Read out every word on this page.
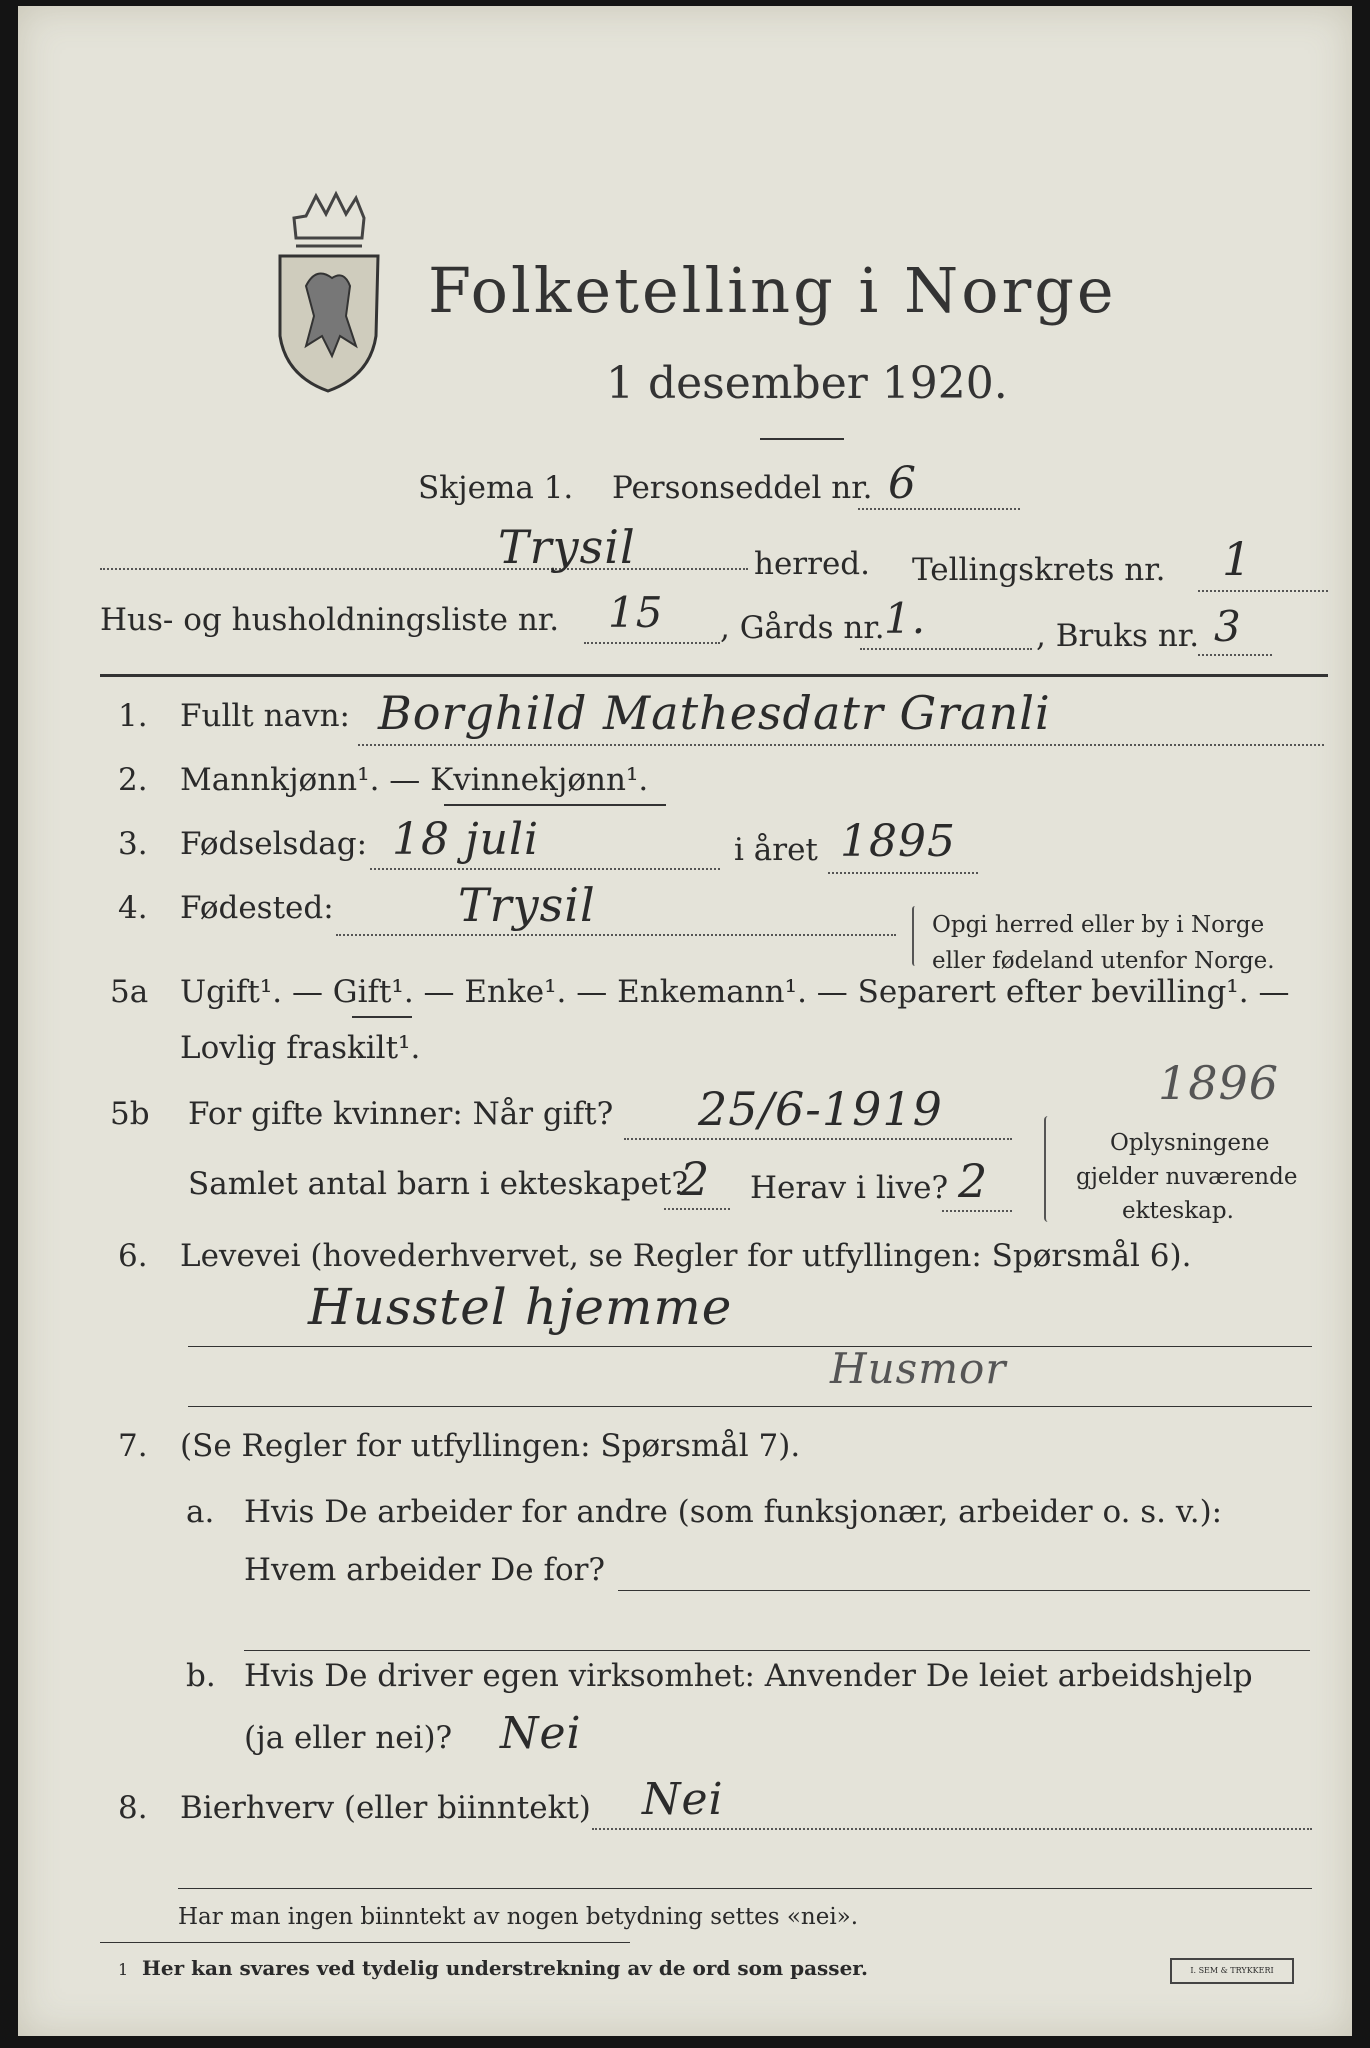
Folketelling i Norge
1 desember 1920.
Skjema 1. Personseddel nr. 6
Trysil	herred. Tellingskrets nr. 1
Hus- og husholdningsliste nr. 15 , Gårds nr. 1.	, Bruks nr. 3
1. Fullt navn: Borghild Mathesdatr Granli
2. Mannkjønn¹. — Kvinnekjønn¹.
3. Fødselsdag: 18 juli	i året 1895
4. Fødested:	Trysil	Opgi herred eller by i Norge
eller fødeland utenfor Norge.
5a Ugift¹. — Gift¹. — Enke¹. — Enkemann¹. — Separert efter bevilling¹. —
Lovlig fraskilt¹.
5b For gifte kvinner: Når gift? 25/6-1919	1896
Samlet antal barn i ekteskapet?
2 Herav i live? 2
Oplysningene
gjelder nuværende
ekteskap.
6. Levevei (hovederhvervet, se Regler for utfyllingen: Spørsmål 6).
Husstel hjemme
Husmor
7. (Se Regler for utfyllingen: Spørsmål 7).
a. Hvis De arbeider for andre (som funksjonær, arbeider o. s. v.):
Hvem arbeider De for?
b. Hvis De driver egen virksomhet: Anvender De leiet arbeidshjelp
(ja eller nei)? Nei
8. Bierhverv (eller biinntekt) Nei
Har man ingen biinntekt av nogen betydning settes «nei».
1 Her kan svares ved tydelig understrekning av de ord som passer.	I. SEM & TRYKKERI
